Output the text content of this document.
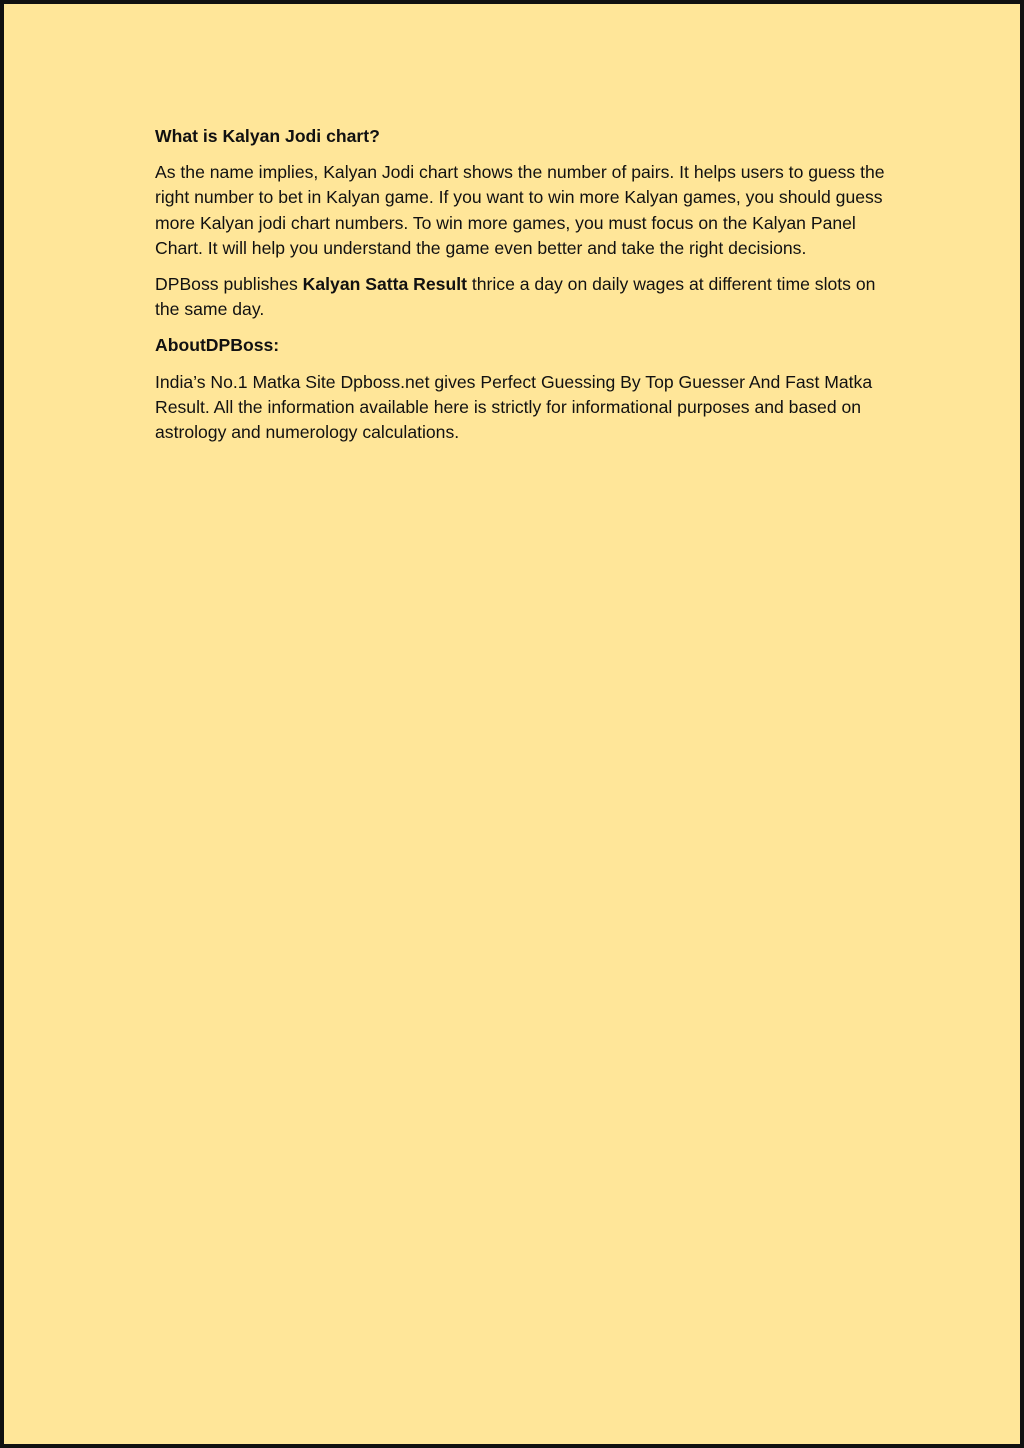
What is Kalyan Jodi chart?

As the name implies, Kalyan Jodi chart shows the number of pairs. It helps users to guess the right number to bet in Kalyan game. If you want to win more Kalyan games, you should guess more Kalyan jodi chart numbers. To win more games, you must focus on the Kalyan Panel Chart. It will help you understand the game even better and take the right decisions.

DPBoss publishes Kalyan Satta Result thrice a day on daily wages at different time slots on the same day.

AboutDPBoss:

India’s No.1 Matka Site Dpboss.net gives Perfect Guessing By Top Guesser And Fast Matka Result. All the information available here is strictly for informational purposes and based on astrology and numerology calculations.
